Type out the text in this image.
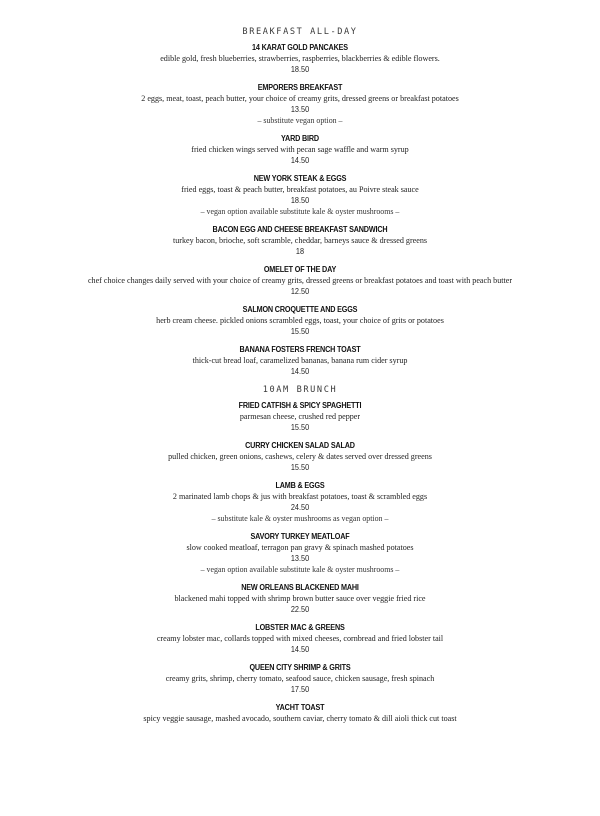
BREAKFAST ALL-DAY
14 KARAT GOLD PANCAKES
edible gold, fresh blueberries, strawberries, raspberries, blackberries & edible flowers.
18.50
EMPORERS BREAKFAST
2 eggs, meat, toast, peach butter, your choice of creamy grits, dressed greens or breakfast potatoes
13.50
– substitute vegan option –
YARD BIRD
fried chicken wings served with pecan sage waffle and warm syrup
14.50
NEW YORK STEAK & EGGS
fried eggs, toast & peach butter, breakfast potatoes, au Poivre steak sauce
18.50
– vegan option available substitute kale & oyster mushrooms –
BACON EGG AND CHEESE BREAKFAST SANDWICH
turkey bacon, brioche, soft scramble, cheddar, barneys sauce & dressed greens
18
OMELET OF THE DAY
chef choice changes daily served with your choice of creamy grits, dressed greens or breakfast potatoes and toast with peach butter
12.50
SALMON CROQUETTE AND EGGS
herb cream cheese. pickled onions scrambled eggs, toast, your choice of grits or potatoes
15.50
BANANA FOSTERS FRENCH TOAST
thick-cut bread loaf, caramelized bananas, banana rum cider syrup
14.50
10AM BRUNCH
FRIED CATFISH & SPICY SPAGHETTI
parmesan cheese, crushed red pepper
15.50
CURRY CHICKEN SALAD SALAD
pulled chicken, green onions, cashews, celery & dates served over dressed greens
15.50
LAMB & EGGS
2 marinated lamb chops & jus with breakfast potatoes, toast & scrambled eggs
24.50
– substitute kale & oyster mushrooms as vegan option –
SAVORY TURKEY MEATLOAF
slow cooked meatloaf, terragon pan gravy & spinach mashed potatoes
13.50
– vegan option available substitute kale & oyster mushrooms –
NEW ORLEANS BLACKENED MAHI
blackened mahi topped with shrimp brown butter sauce over veggie fried rice
22.50
LOBSTER MAC & GREENS
creamy lobster mac, collards topped with mixed cheeses, cornbread and fried lobster tail
14.50
QUEEN CITY SHRIMP & GRITS
creamy grits, shrimp, cherry tomato, seafood sauce, chicken sausage, fresh spinach
17.50
YACHT TOAST
spicy veggie sausage, mashed avocado, southern caviar, cherry tomato & dill aioli thick cut toast
